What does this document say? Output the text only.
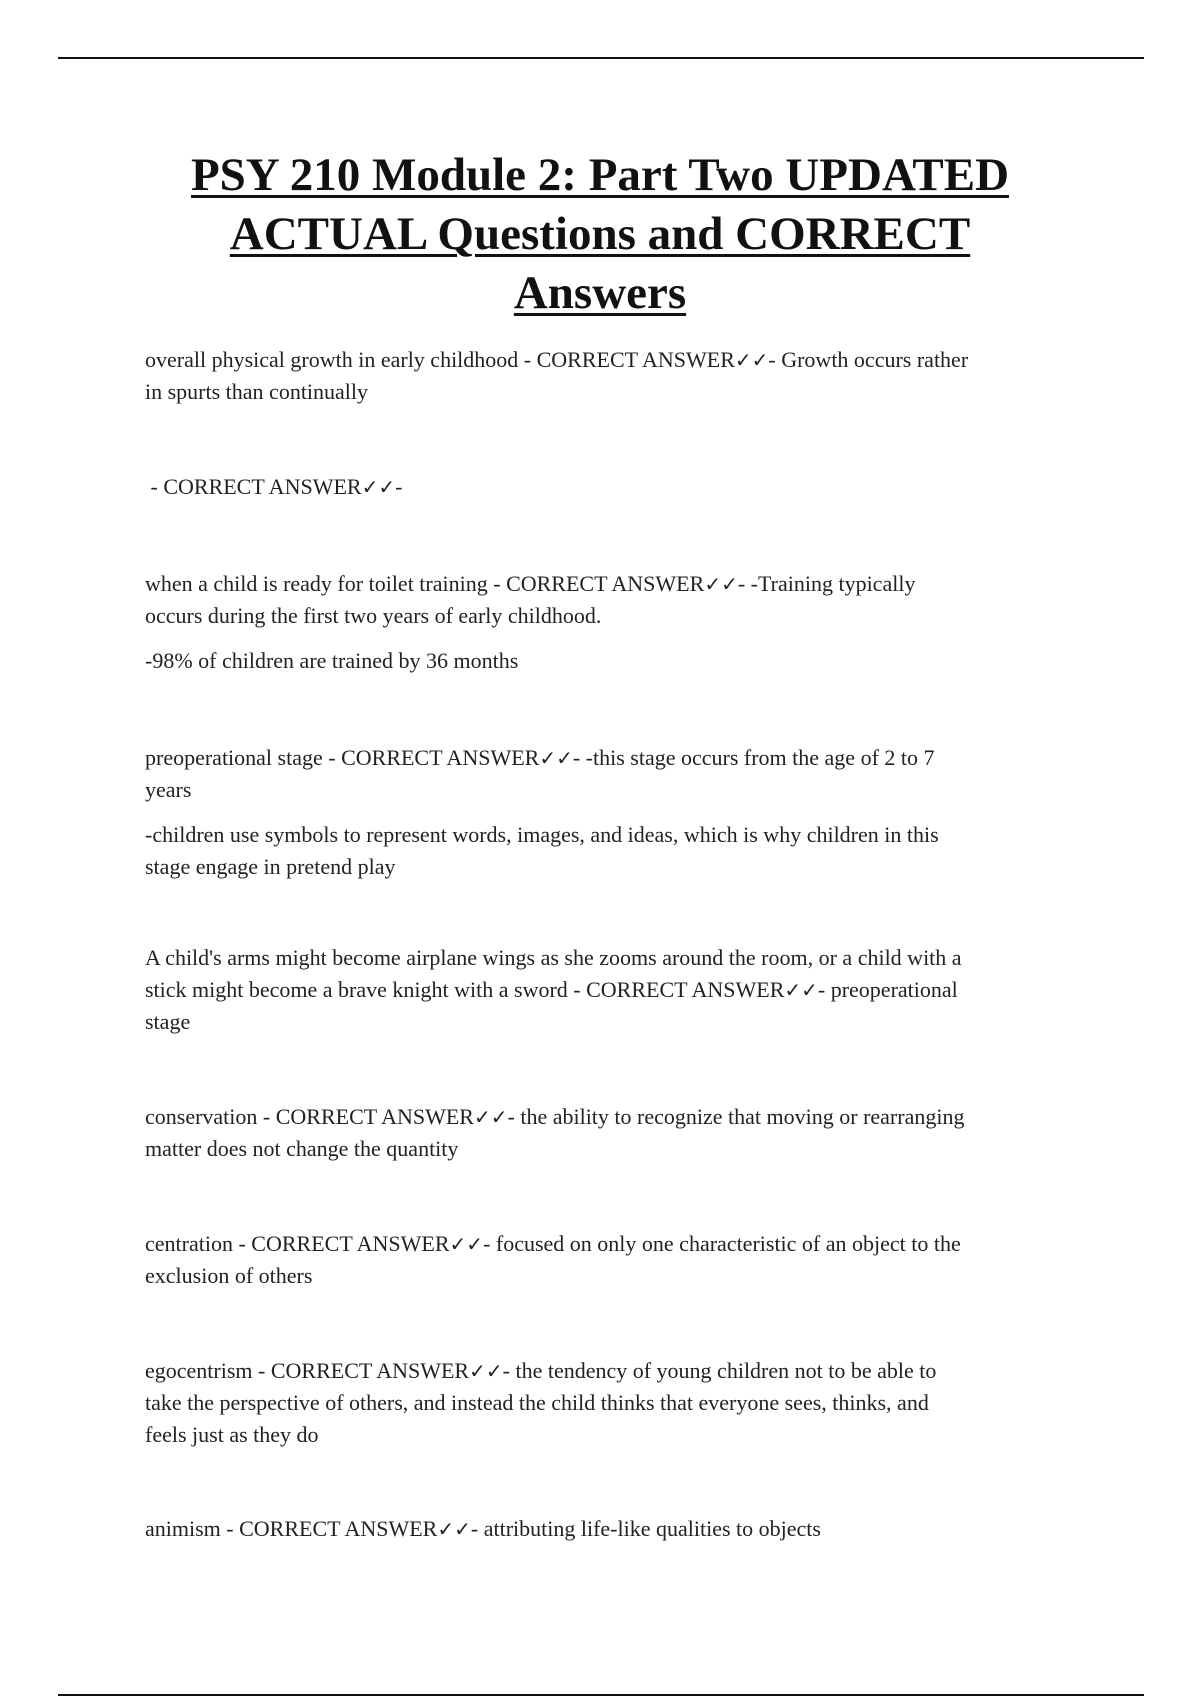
PSY 210 Module 2: Part Two UPDATED
ACTUAL Questions and CORRECT
Answers

overall physical growth in early childhood - CORRECT ANSWER✓✓- Growth occurs rather
in spurts than continually

- CORRECT ANSWER✓✓-

when a child is ready for toilet training - CORRECT ANSWER✓✓- -Training typically
occurs during the first two years of early childhood.

-98% of children are trained by 36 months

preoperational stage - CORRECT ANSWER✓✓- -this stage occurs from the age of 2 to 7
years

-children use symbols to represent words, images, and ideas, which is why children in this
stage engage in pretend play

A child's arms might become airplane wings as she zooms around the room, or a child with a
stick might become a brave knight with a sword - CORRECT ANSWER✓✓- preoperational
stage

conservation - CORRECT ANSWER✓✓- the ability to recognize that moving or rearranging
matter does not change the quantity

centration - CORRECT ANSWER✓✓- focused on only one characteristic of an object to the
exclusion of others

egocentrism - CORRECT ANSWER✓✓- the tendency of young children not to be able to
take the perspective of others, and instead the child thinks that everyone sees, thinks, and
feels just as they do

animism - CORRECT ANSWER✓✓- attributing life-like qualities to objects
